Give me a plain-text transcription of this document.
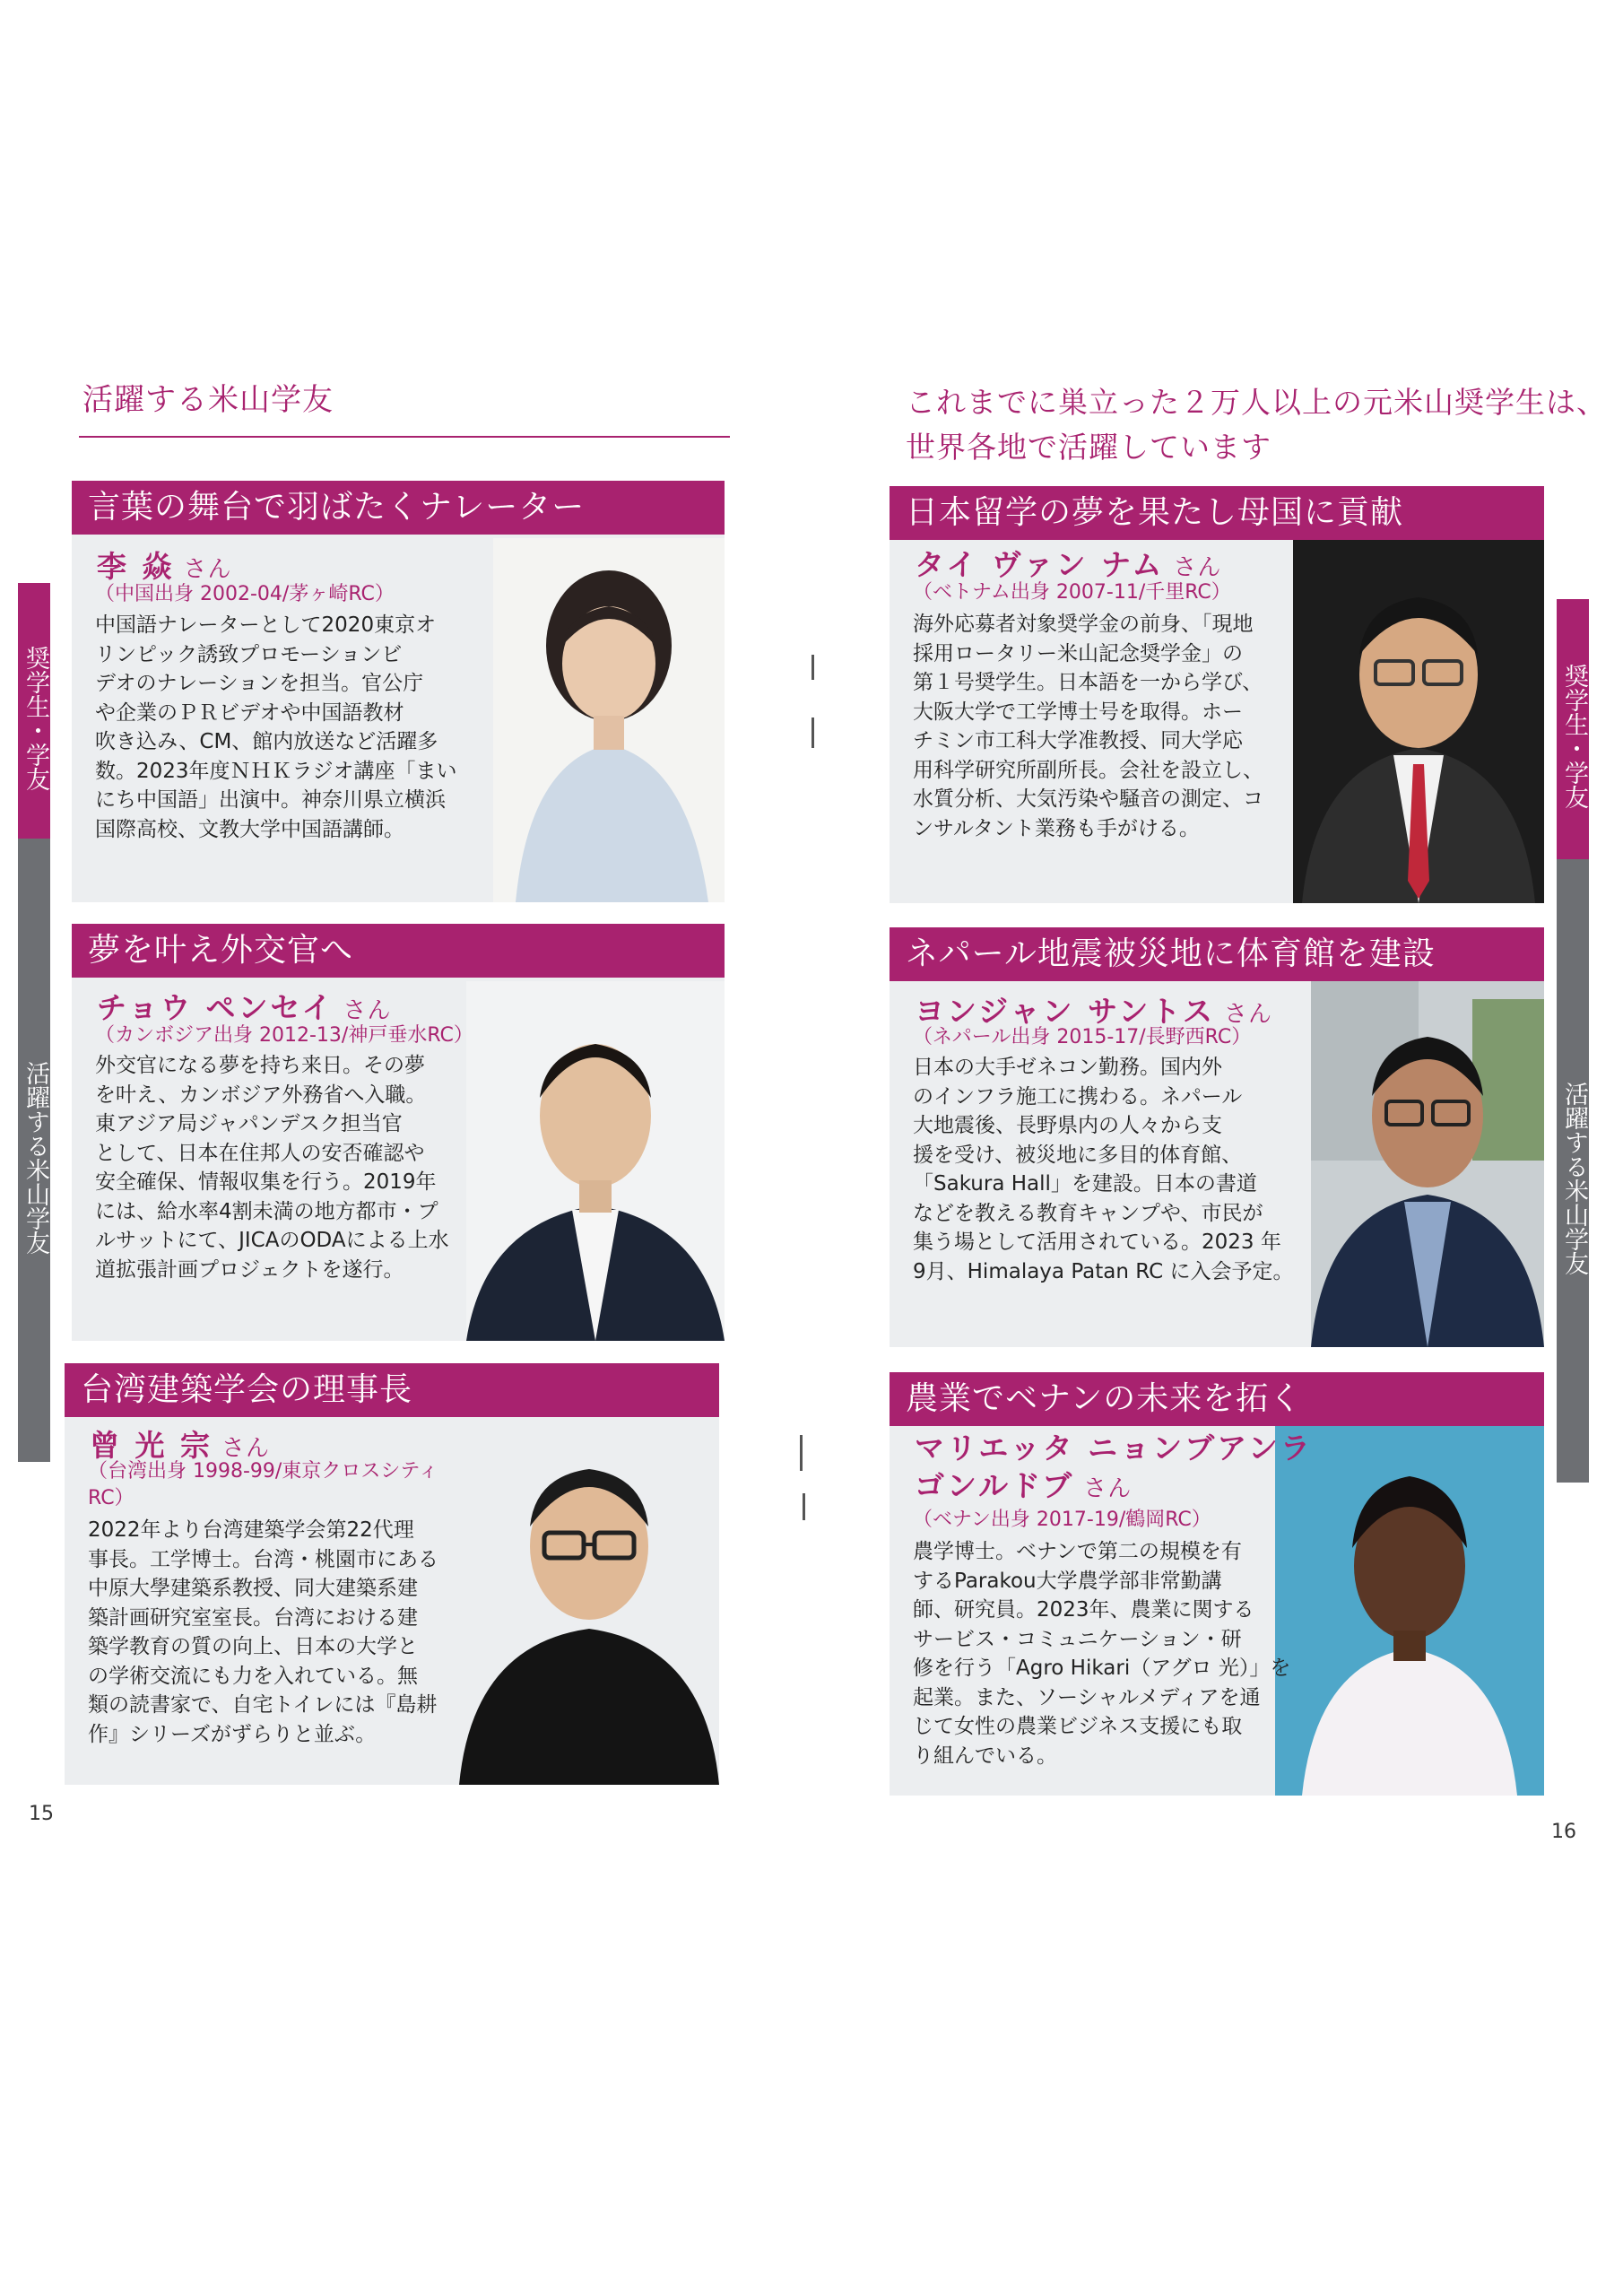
活躍する米山学友	これまでに巣立った２万人以上の元米山奨学生は、
世界各地で活躍しています
奨学生・学友
活躍する米山学友
奨学生・学友
活躍する米山学友
言葉の舞台で羽ばたくナレーター
李 焱 さん
（中国出身 2002-04/茅ヶ崎RC）
中国語ナレーターとして2020東京オ
リンピック誘致プロモーションビ
デオのナレーションを担当。官公庁
や企業のＰＲビデオや中国語教材
吹き込み、CM、館内放送など活躍多
数。2023年度ＮＨＫラジオ講座「まい
にち中国語」出演中。神奈川県立横浜
国際高校、文教大学中国語講師。
夢を叶え外交官へ
チョウ ペンセイ さん
（カンボジア出身 2012-13/神戸垂水RC）
外交官になる夢を持ち来日。その夢
を叶え、カンボジア外務省へ入職。
東アジア局ジャパンデスク担当官
として、日本在住邦人の安否確認や
安全確保、情報収集を行う。2019年
には、給水率4割未満の地方都市・プ
ルサットにて、JICAのODAによる上水
道拡張計画プロジェクトを遂行。
台湾建築学会の理事長
曾 光 宗 さん
（台湾出身 1998-99/東京クロスシティ
RC）
2022年より台湾建築学会第22代理
事長。工学博士。台湾・桃園市にある
中原大學建築系教授、同大建築系建
築計画研究室室長。台湾における建
築学教育の質の向上、日本の大学と
の学術交流にも力を入れている。無
類の読書家で、自宅トイレには『島耕
作』シリーズがずらりと並ぶ。
日本留学の夢を果たし母国に貢献
タイ ヴァン ナム さん
（ベトナム出身 2007-11/千里RC）
海外応募者対象奨学金の前身、「現地
採用ロータリー米山記念奨学金」の
第１号奨学生。日本語を一から学び、
大阪大学で工学博士号を取得。ホー
チミン市工科大学准教授、同大学応
用科学研究所副所長。会社を設立し、
水質分析、大気汚染や騒音の測定、コ
ンサルタント業務も手がける。
ネパール地震被災地に体育館を建設
ヨンジャン サントス さん
（ネパール出身 2015-17/長野西RC）
日本の大手ゼネコン勤務。国内外
のインフラ施工に携わる。ネパール
大地震後、長野県内の人々から支
援を受け、被災地に多目的体育館、
「Sakura Hall」を建設。日本の書道
などを教える教育キャンプや、市民が
集う場として活用されている。2023 年
9月、Himalaya Patan RC に入会予定。
農業でベナンの未来を拓く
マリエッタ ニョンブアンラ
ゴンルドブ さん
（ベナン出身 2017-19/鶴岡RC）
農学博士。ベナンで第二の規模を有
するParakou大学農学部非常勤講
師、研究員。2023年、農業に関する
サービス・コミュニケーション・研
修を行う「Agro Hikari（アグロ 光）」を
起業。また、ソーシャルメディアを通
じて女性の農業ビジネス支援にも取
り組んでいる。
15
16
